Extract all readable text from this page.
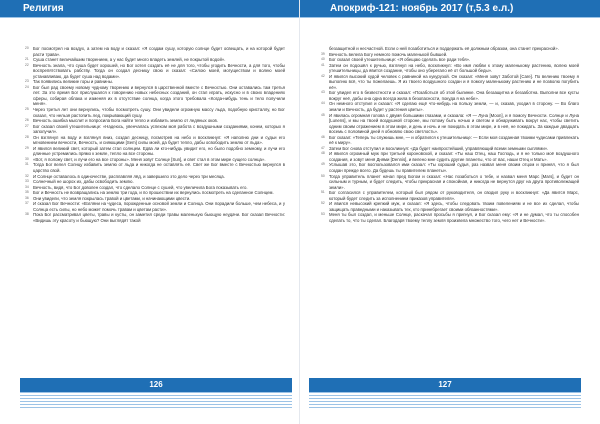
Религия

20 Бог посмотрел на воздух, а затем на воду и сказал: «Я создам сушу, которую солнце будет освещать, и на которой будет расти трава».

21 Суша станет величайшим творением, а у нас будет много владеть землей, не покрытой водой».

22 Вечность знала, что суша будет хорошей, но Бог хотел создать её не для того, чтобы угодить Вечности, а для того, чтобы воспрепятствовать рабству. Тогда он создал десницу свою и сказал: «Силою моей, могуществом и волею моей устанавливаю, да будет суша над водами».

23 Так появились великие горы и равнины.

24 Бог был рад своему новому чудному творению и вернулся в царственной вместе с Вечностью. Они оставались там третья лет. За это время Бог прислушался к говорению новых небесных созданий, он стал играть, искусно и в своих владениях сферы, собирая облака и изменяя их в отсутствие солнца, когда этого требовала «Когда-нибудь тень и тело получили меня».

25 Через третья лет они вернулись, чтобы посмотреть сушу. Они увидели огромную массу льда, подобную кристаллу, но Бог сказал, что нельзя растопить лед, покрывающий сушу.

26 Вечность ошибка мыслит и попросила Бога найти тепло и избавить землю от ледяных оков.

27 Бог сказал своей утешительнице: «Надеюсь, увенчалась успехом моя работа с воздушными созданиями, конем, которых я заполучил».

28 Он взглянул на воду и взглянул вниз, создал десницу, посмотрев на небо и воскликнул: «Я наполню дни и судьи его мгновением вечности, Вечность, и сияющими [Sem] силы моей, да будет тепло, дабы освободить землю от льда».

29 И явился великий свет, который затем стал солнцем. Едва ли кто-нибудь увидит его, но было подобно земному, и лучи его длинные устремились прямо к земле, тепло на все стороны.

30 «Вот, я положу свет, и лучи его на все стороны». Меня зовут Солнце [Sun], и свет стал в этом мире сущего солнца».

31 Тогда Бог велел Солнцу избавить землю от льда и никогда не оставлять её. Свет же Бог вместе с Вечностью вернулся в царство свой.

32 И Солнце оставалось в одиночестве, расплавляя лёд, и завершило это дело через три месяца.

33 Солнечный не шорох их, дабы освободить землю.

34 Вечность, видя, что Бог доволен создал, что сделало Солнце с сушей, что увеличила Бога показывать его.

35 Бог и Вечность не возвращались на землю три года, и по прошествии их вернулись посмотреть на сделанное Солнцем.

36 Они увидели, что земля покрылась травой и цветами, и начинающими цвести.

37 И сказал Бог Вечности: «Взгляни на чудеса, порожденные основой земли и Солнца. Они порадили больше, чем небеса, и у Солнца есть силы, но небо может помочь травам и цветам расти».

38 Пока Бог рассматривал цветы, травы и кусты, он заметил среди травы маленькую бьющую неудачи. Бог сказал Вечности: «Видишь эту красоту и бьющую? Они выглядят такой

126
Апокриф-121: ноябрь 2017 (т,5.3 е.л.)

беззащитной и несчастной. Если о ней позаботиться и поддержать её должным образом, она станет прекрасной».

39 Вечность велела Богу немного помочь маленькой бывшей.

40 Бог сказал своей утешительнице: «Я обещаю сделать все ради тебя».

41 Затем он подошёл к ручью, взглянул на небо, воскликнул: «Во имя любви к этому маленькому растению, волею моей утешительницы, да явится создание, чтобы оно уберегало её от большой беды».

42 И явился высокий худой человек с равниной на кукурузой. Он сказал: «Меня зовут Заботой [Care]. По велению твоему я выполню всё, что ты пожелаешь. Я из твоего воздушного создан и я помогу маленькому растению и не позволю погубить её».

43 Бог увидел его в безвестности и сказал: «Позаботься об этой былинке. Она беззащитна и беззаботна. Выполни все кусты вокруг неё, дабы она одна всегда жила в безопасности, покуда я на небе».

44 Он немного отступил и сказал: «Я сделаю ещё что-нибудь на пользу земли, — и, сказав, уходил в сторону. — Во благо земли и Вечность, да будет у растения цветы».

45 И явилась огромная голова с двумя большими глазами, и сказала: «Я — Луна [Moon], и я помогу Вечности. Солнце и Луна [Lunens], и мы на твоей воздушной стороне, мы потому быть ночью и светом и обнаруживать вокруг нас, чтобы светить одним своим отражением в этом мире, и день и ночь и не покидать в этом мире, и в неё, не покидать. За каждые двадцать восемь с половиной дней я обновлю свою светлость».

46 Бог сказал: «Теперь ты служишь мне, — и обратился к утешительнице: — Если моя созданная твоими чудесами привлекать её к миру».

47 Затем Бог снова отступил и воскликнул: «Да будет наипростейший, управляющий всеми земными сыплями».

48 И явился огромный муж при третьей короновской, и сказал: «Ты наш Отец, наш Господь, и я не только моё воздушного создания, и зовут меня Днями [Dennis], и велено мне судить другие планеты, что от вас, наши Отец и Мать».

49 Услышав это, Бог воспользовался ими сказал: «Ты хороший судья, раз назвал меня своим отцом и принял, что я был создан прежде всего. Да будешь ты правителем планеты».

50 Тогда управитель планет начал пред Богом и сказал: «Нас позаботься о тебе, и назвал меня Марс [Mars], и будет он сильным и турным, и будет следить, чтобы прекрасная и спокойная, и никогда не вернутся друг на друга противолежащей земли».

51 Бог согласился с управителем, который был рядом от руководителя, он сводил руку и воскликнул: «Да явится Марс, который будет следить за исполнением приказов управителя».

52 И явился невысокий крепкий муж, и сказал: «Я здесь, чтобы следовать твоим повелениям и не все их сделал, чтобы защищать праведными и наказывать тех, кто принебрегает своими обязанностями».

53 Меня ты был создал, и меньше Солнце, раскачал просьбы я пригнул, и Бог сказал ему: «Я и не думал, что ты способен сделать то, что ты сделал. Благодаря твоему теплу земля произвела множество того, чего нет и Вечности».

127
